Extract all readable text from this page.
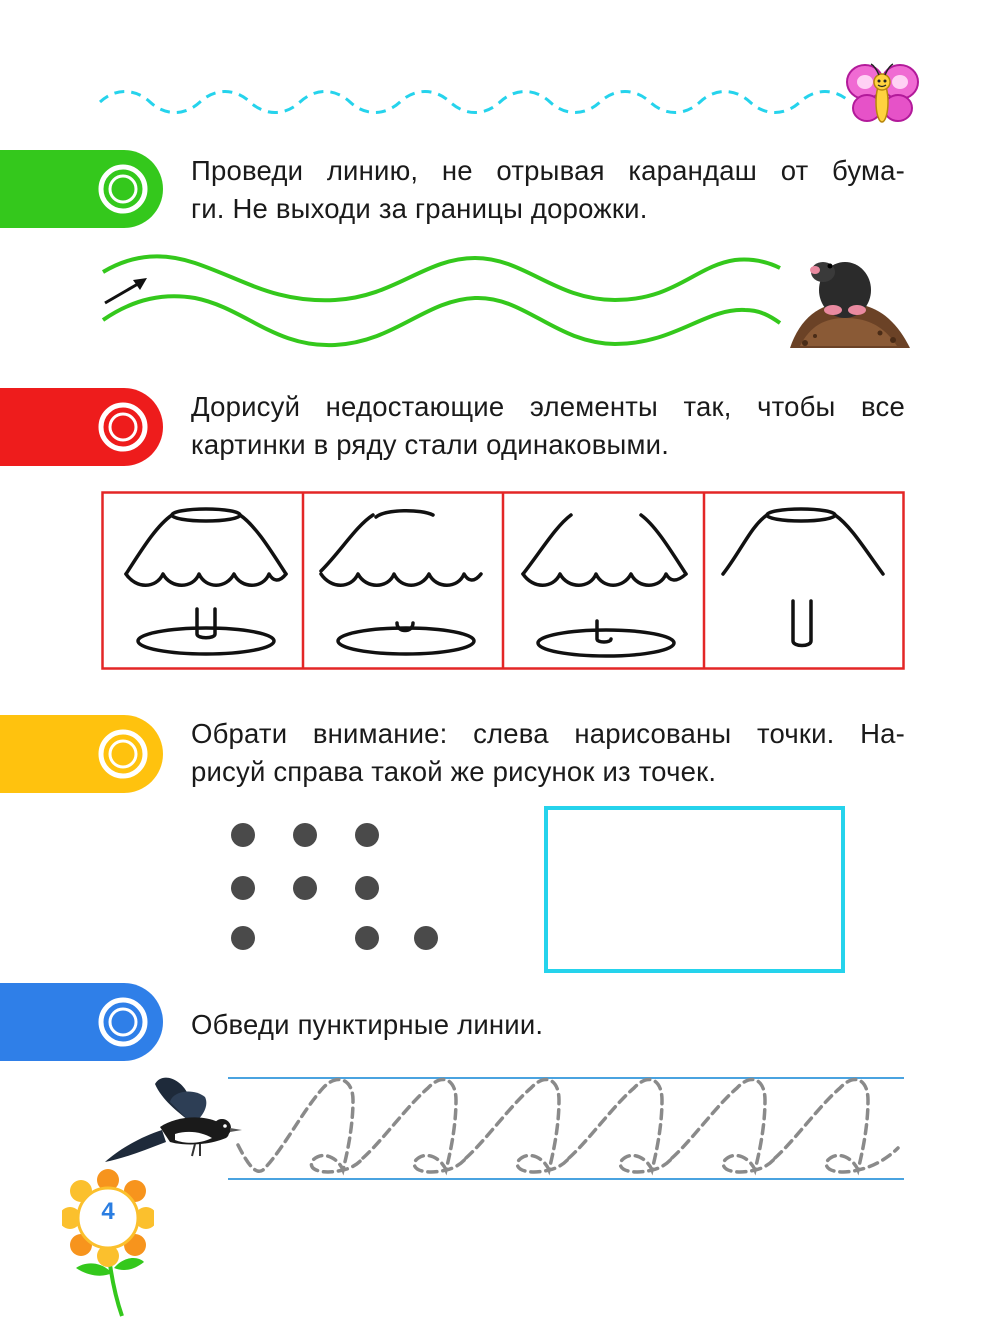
Проведи линию, не отрывая карандаш от бума-
ги. Не выходи за границы дорожки.
Дорисуй недостающие элементы так, чтобы все
картинки в ряду стали одинаковыми.
Обрати внимание: слева нарисованы точки. На-
рисуй справа такой же рисунок из точек.
Обведи пунктирные линии.
4
